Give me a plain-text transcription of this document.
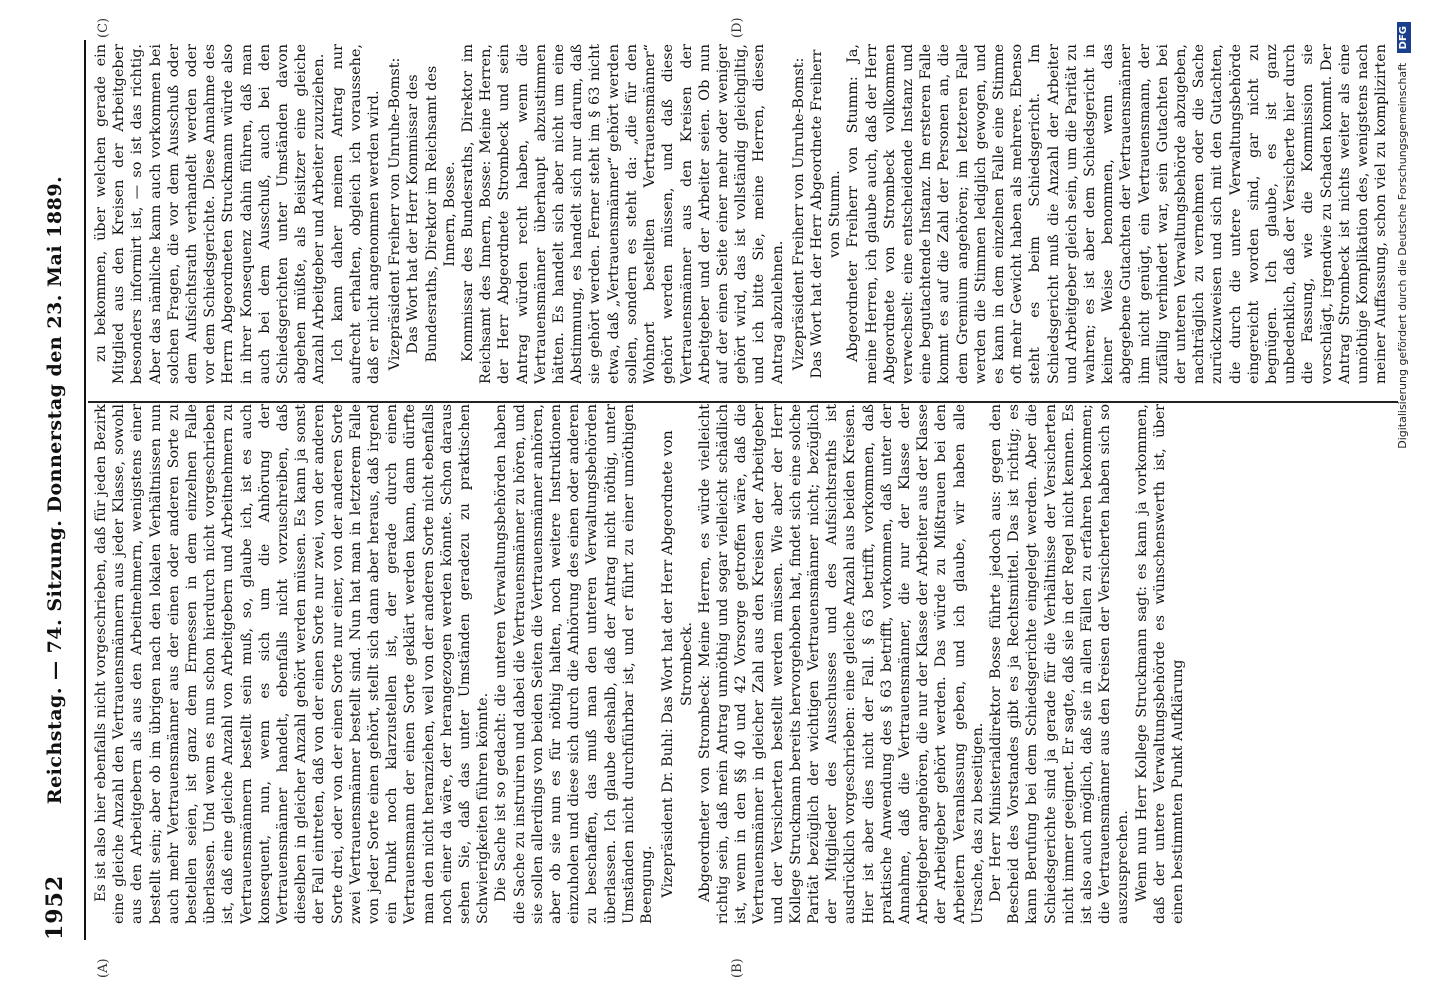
1952
Reichstag. — 74. Sitzung. Donnerstag den 23. Mai 1889.
(A)	(B)
(C)	(D)

Es ist also hier ebenfalls nicht vorgeschrieben, daß für jeden Bezirk eine gleiche Anzahl den Vertrauensmännern aus jeder Klasse, sowohl aus den Arbeitgebern als aus den Arbeitnehmern, wenigstens einer bestellt sein; aber ob im übrigen nach den lokalen Verhältnissen nun auch mehr Vertrauensmänner aus der einen oder anderen Sorte zu bestellen seien, ist ganz dem Ermessen in dem einzelnen Falle überlassen. Und wenn es nun schon hierdurch nicht vorgeschrieben ist, daß eine gleiche Anzahl von Arbeitgebern und Arbeitnehmern zu Vertrauensmännern bestellt sein muß, so, glaube ich, ist es auch konsequent, nun, wenn es sich um die Anhörung der Vertrauensmänner handelt, ebenfalls nicht vorzuschreiben, daß dieselben in gleicher Anzahl gehört werden müssen. Es kann ja sonst der Fall eintreten, daß von der einen Sorte nur zwei, von der anderen Sorte drei, oder von der einen Sorte nur einer, von der anderen Sorte zwei Vertrauensmänner bestellt sind. Nun hat man in letzterem Falle von jeder Sorte einen gehört, stellt sich dann aber heraus, daß irgend ein Punkt noch klarzustellen ist, der gerade durch einen Vertrauensmann der einen Sorte geklärt werden kann, dann dürfte man den nicht heranziehen, weil von der anderen Sorte nicht ebenfalls noch einer da wäre, der herangezogen werden könnte. Schon daraus sehen Sie, daß das unter Umständen geradezu zu praktischen Schwierigkeiten führen könnte. Die Sache ist so gedacht: die unteren Verwaltungsbehörden haben die Sache zu instruiren und dabei die Vertrauensmänner zu hören, und sie sollen allerdings von beiden Seiten die Vertrauensmänner anhören, aber ob sie nun es für nöthig halten, noch weitere Instruktionen einzuholen und diese sich durch die Anhörung des einen oder anderen zu beschaffen, das muß man den unteren Verwaltungsbehörden überlassen. Ich glaube deshalb, daß der Antrag nicht nöthig, unter Umständen nicht durchführbar ist, und er führt zu einer unnöthigen Beengung. Vizepräsident Dr. Buhl: Das Wort hat der Herr Abgeordnete von Strombeck. Abgeordneter von Strombeck: Meine Herren, es würde vielleicht richtig sein, daß mein Antrag unnöthig und sogar vielleicht schädlich ist, wenn in den §§ 40 und 42 Vorsorge getroffen wäre, daß die Vertrauensmänner in gleicher Zahl aus den Kreisen der Arbeitgeber und der Versicherten bestellt werden müssen. Wie aber der Herr Kollege Struckmann bereits hervorgehoben hat, findet sich eine solche Parität bezüglich der wichtigen Vertrauensmänner nicht; bezüglich der Mitglieder des Ausschusses und des Aufsichtsraths ist ausdrücklich vorgeschrieben: eine gleiche Anzahl aus beiden Kreisen. Hier ist aber dies nicht der Fall. § 63 betrifft, vorkommen, daß praktische Anwendung des § 63 betrifft, vorkommen, daß unter der Annahme, daß die Vertrauensmänner, die nur der Klasse der Arbeitgeber angehören, die nur der Klasse der Arbeiter aus der Klasse der Arbeitgeber gehört werden. Das würde zu Mißtrauen bei den Arbeitern Veranlassung geben, und ich glaube, wir haben alle Ursache, das zu beseitigen. Der Herr Ministerialdirektor Bosse führte jedoch aus: gegen den Bescheid des Vorstandes gibt es ja Rechtsmittel. Das ist richtig; es kann Berufung bei dem Schiedsgerichte eingelegt werden. Aber die Schiedsgerichte sind ja gerade für die Verhältnisse der Versicherten nicht immer geeignet. Er sagte, daß sie in der Regel nicht kennen. Es ist also auch möglich, daß sie in allen Fällen zu erfahren bekommen; die Vertrauensmänner aus den Kreisen der Versicherten haben sich so auszusprechen. Wenn nun Herr Kollege Struckmann sagt: es kann ja vorkommen, daß der untere Verwaltungsbehörde es wünschenswerth ist, über einen bestimmten Punkt Aufklärung

zu bekommen, über welchen gerade ein Mitglied aus den Kreisen der Arbeitgeber besonders informirt ist, — so ist das richtig. Aber das nämliche kann auch vorkommen bei solchen Fragen, die vor dem Ausschuß oder dem Aufsichtsrath verhandelt werden oder vor dem Schiedsgerichte. Diese Annahme des Herrn Abgeordneten Struckmann würde also in ihrer Konsequenz dahin führen, daß man auch bei dem Ausschuß, auch bei den Schiedsgerichten unter Umständen davon abgehen müßte, als Beisitzer eine gleiche Anzahl Arbeitgeber und Arbeiter zuzuziehen. Ich kann daher meinen Antrag nur aufrecht erhalten, obgleich ich voraussehe, daß er nicht angenommen werden wird. Vizepräsident Freiherr von Unruhe-Bomst: Das Wort hat der Herr Kommissar des Bundesraths, Direktor im Reichsamt des Innern, Bosse. Kommissar des Bundesraths, Direktor im Reichsamt des Innern, Bosse: Meine Herren, der Herr Abgeordnete Strombeck und sein Antrag würden recht haben, wenn die Vertrauensmänner überhaupt abzustimmen hätten. Es handelt sich aber nicht um eine Abstimmung, es handelt sich nur darum, daß sie gehört werden. Ferner steht im § 63 nicht etwa, daß „Vertrauensmänner“ gehört werden sollen, sondern es steht da: „die für den Wohnort bestellten Vertrauensmänner“ gehört werden müssen, und daß diese Vertrauensmänner aus den Kreisen der Arbeitgeber und der Arbeiter seien. Ob nun auf der einen Seite einer mehr oder weniger gehört wird, das ist vollständig gleichgiltig, und ich bitte Sie, meine Herren, diesen Antrag abzulehnen. Vizepräsident Freiherr von Unruhe-Bomst: Das Wort hat der Herr Abgeordnete Freiherr von Stumm.

Abgeordneter Freiherr von Stumm: Ja, meine Herren, ich glaube auch, daß der Herr Abgeordnete von Strombeck vollkommen verwechselt: eine entscheidende Instanz und eine begutachtende Instanz. Im ersteren Falle kommt es auf die Zahl der Personen an, die dem Gremium angehören; im letzteren Falle werden die Stimmen lediglich gewogen, und es kann in dem einzelnen Falle eine Stimme oft mehr Gewicht haben als mehrere. Ebenso steht es beim Schiedsgericht. Im Schiedsgericht muß die Anzahl der Arbeiter und Arbeitgeber gleich sein, um die Parität zu wahren; es ist aber dem Schiedsgericht in keiner Weise benommen, wenn das abgegebene Gutachten der Vertrauensmänner ihm nicht genügt, ein Vertrauensmann, der zufällig verhindert war, sein Gutachten bei der unteren Verwaltungsbehörde abzugeben, nachträglich zu vernehmen oder die Sache zurückzuweisen und sich mit den Gutachten, die durch die untere Verwaltungsbehörde eingereicht worden sind, gar nicht zu begnügen. Ich glaube, es ist ganz unbedenklich, daß der Versicherte hier durch die Fassung, wie die Kommission sie vorschlägt, irgendwie zu Schaden kommt. Der Antrag Strombeck ist nichts weiter als eine unnöthige Komplikation des, wenigstens nach meiner Auffassung, schon viel zu komplizirten Digitalisierung gefördert durch die Deutsche Forschungsgemeinschaft DFG
